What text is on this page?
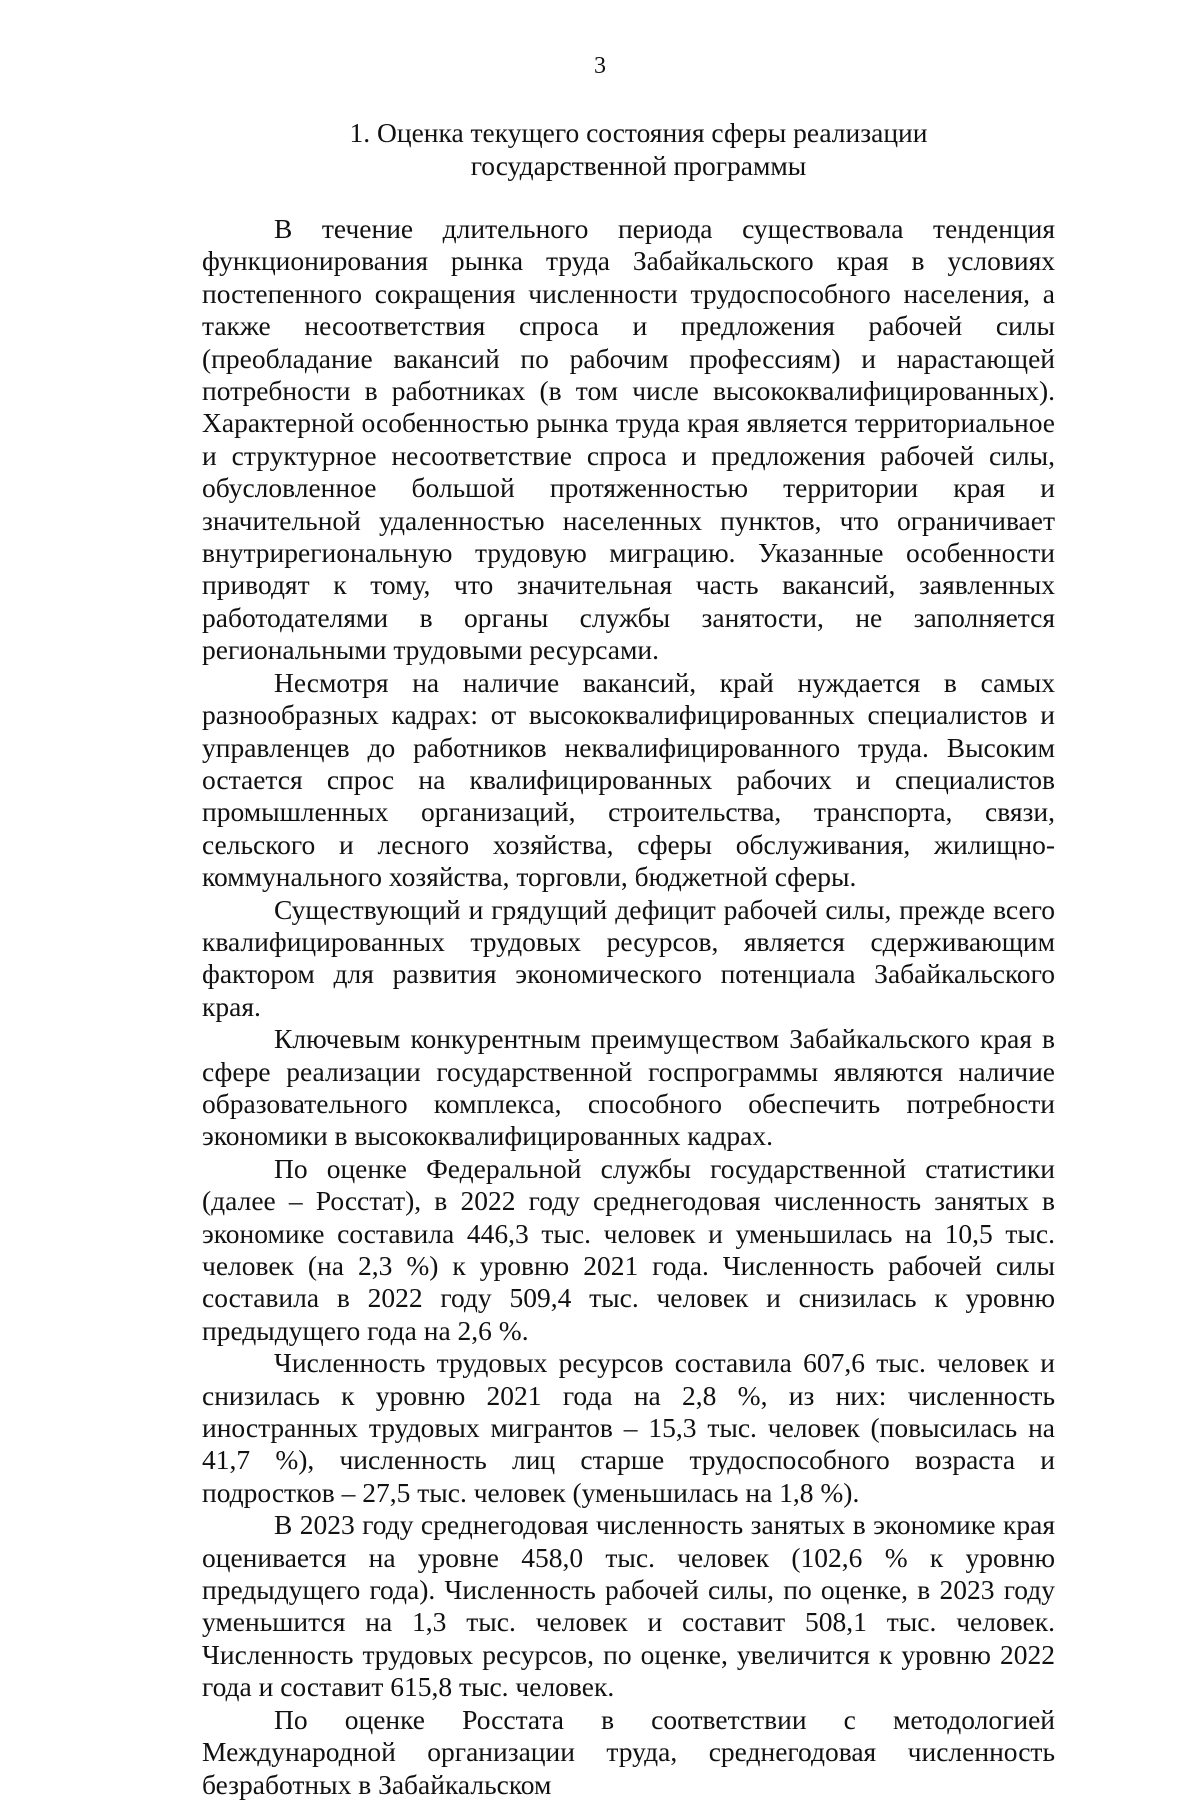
3
1. Оценка текущего состояния сферы реализации
государственной программы

В течение длительного периода существовала тенденция функционирования рынка труда Забайкальского края в условиях постепенного сокращения численности трудоспособного населения, а также несоответствия спроса и предложения рабочей силы (преобладание вакансий по рабочим профессиям) и нарастающей потребности в работниках (в том числе высококвалифицированных). Характерной особенностью рынка труда края является территориальное и структурное несоответствие спроса и предложения рабочей силы, обусловленное большой протяженностью территории края и значительной удаленностью населенных пунктов, что ограничивает внутрирегиональную трудовую миграцию. Указанные особенности приводят к тому, что значительная часть вакансий, заявленных работодателями в органы службы занятости, не заполняется региональными трудовыми ресурсами.

Несмотря на наличие вакансий, край нуждается в самых разнообразных кадрах: от высококвалифицированных специалистов и управленцев до работников неквалифицированного труда. Высоким остается спрос на квалифицированных рабочих и специалистов промышленных организаций, строительства, транспорта, связи, сельского и лесного хозяйства, сферы обслуживания, жилищно-коммунального хозяйства, торговли, бюджетной сферы.

Существующий и грядущий дефицит рабочей силы, прежде всего квалифицированных трудовых ресурсов, является сдерживающим фактором для развития экономического потенциала Забайкальского края.

Ключевым конкурентным преимуществом Забайкальского края в сфере реализации государственной госпрограммы являются наличие образовательного комплекса, способного обеспечить потребности экономики в высококвалифицированных кадрах.

По оценке Федеральной службы государственной статистики (далее – Росстат), в 2022 году среднегодовая численность занятых в экономике составила 446,3 тыс. человек и уменьшилась на 10,5 тыс. человек (на 2,3 %) к уровню 2021 года. Численность рабочей силы составила в 2022 году 509,4 тыс. человек и снизилась к уровню предыдущего года на 2,6 %.

Численность трудовых ресурсов составила 607,6 тыс. человек и снизилась к уровню 2021 года на 2,8 %, из них: численность иностранных трудовых мигрантов – 15,3 тыс. человек (повысилась на 41,7 %), численность лиц старше трудоспособного возраста и подростков – 27,5 тыс. человек (уменьшилась на 1,8 %).

В 2023 году среднегодовая численность занятых в экономике края оценивается на уровне 458,0 тыс. человек (102,6 % к уровню предыдущего года). Численность рабочей силы, по оценке, в 2023 году уменьшится на 1,3 тыс. человек и составит 508,1 тыс. человек. Численность трудовых ресурсов, по оценке, увеличится к уровню 2022 года и составит 615,8 тыс. человек.

По оценке Росстата в соответствии с методологией Международной организации труда, среднегодовая численность безработных в Забайкальском
